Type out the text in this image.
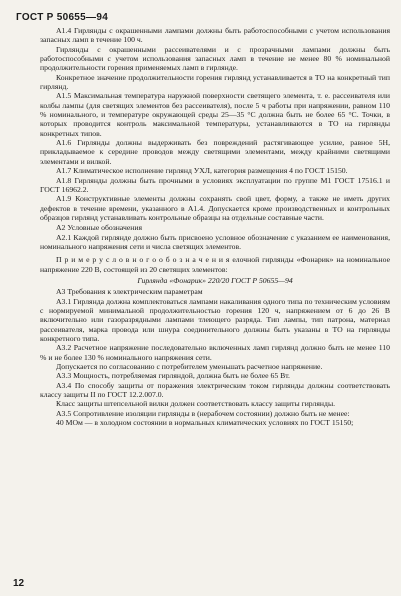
ГОСТ Р 50655—94

А1.4 Гирлянды с окрашенными лампами должны быть работоспособными с учетом использования запасных ламп в течение 100 ч.

Гирлянды с окрашенными рассеивателями и с прозрачными лампами должны быть работоспособными с учетом использования запасных ламп в течение не менее 80 % номинальной продолжительности горения применяемых ламп в гирлянде.

Конкретное значение продолжительности горения гирлянд устанавливается в ТО на конкретный тип гирлянд.

А1.5 Максимальная температура наружной поверхности светящего элемента, т. е. рассеивателя или колбы лампы (для светящих элементов без рассеивателя), после 5 ч работы при напряжении, равном 110 % номинального, и температуре окружающей среды 25—35 °С должна быть не более 65 °С. Точки, в которых проводится контроль максимальной температуры, устанавливаются в ТО на гирлянды конкретных типов.

А1.6 Гирлянды должны выдерживать без повреждений растягивающее усилие, равное 5Н, прикладываемое к середине проводов между светящими элементами, между крайними светящими элементами и вилкой.

А1.7 Климатическое исполнение гирлянд УХЛ, категория размещения 4 по ГОСТ 15150.

А1.8 Гирлянды должны быть прочными в условиях эксплуатации по группе М1 ГОСТ 17516.1 и ГОСТ 16962.2.

А1.9 Конструктивные элементы должны сохранять свой цвет, форму, а также не иметь других дефектов в течение времени, указанного в А1.4. Допускается кроме производственных и контрольных образцов гирлянд устанавливать контрольные образцы на отдельные составные части.

А2 Условные обозначения

А2.1 Каждой гирлянде должно быть присвоено условное обозначение с указанием ее наименования, номинального напряжения сети и числа светящих элементов.

П р и м е р у с л о в н о г о о б о з н а ч е н и я елочной гирлянды «Фонарик» на номинальное напряжение 220 В, состоящей из 20 светящих элементов:

Гирлянда «Фонарик» 220/20 ГОСТ Р 50655—94

А3 Требования к электрическим параметрам

А3.1 Гирлянда должна комплектоваться лампами накаливания одного типа по техническим условиям с нормируемой минимальной продолжительностью горения 120 ч, напряжением от 6 до 26 В включительно или газоразрядными лампами тлеющего разряда. Тип лампы, тип патрона, материал рассеивателя, марка провода или шнура соединительного должны быть указаны в ТО на гирлянды конкретного типа.

А3.2 Расчетное напряжение последовательно включенных ламп гирлянд должно быть не менее 110 % и не более 130 % номинального напряжения сети.

Допускается по согласованию с потребителем уменьшать расчетное напряжение.

А3.3 Мощность, потребляемая гирляндой, должна быть не более 65 Вт.

А3.4 По способу защиты от поражения электрическим током гирлянды должны соответствовать классу защиты II по ГОСТ 12.2.007.0.

Класс защиты штепсельной вилки должен соответствовать классу защиты гирлянды.

А3.5 Сопротивление изоляции гирлянды в (нерабочем состоянии) должно быть не менее:

40 МОм — в холодном состоянии в нормальных климатических условиях по ГОСТ 15150;

12
